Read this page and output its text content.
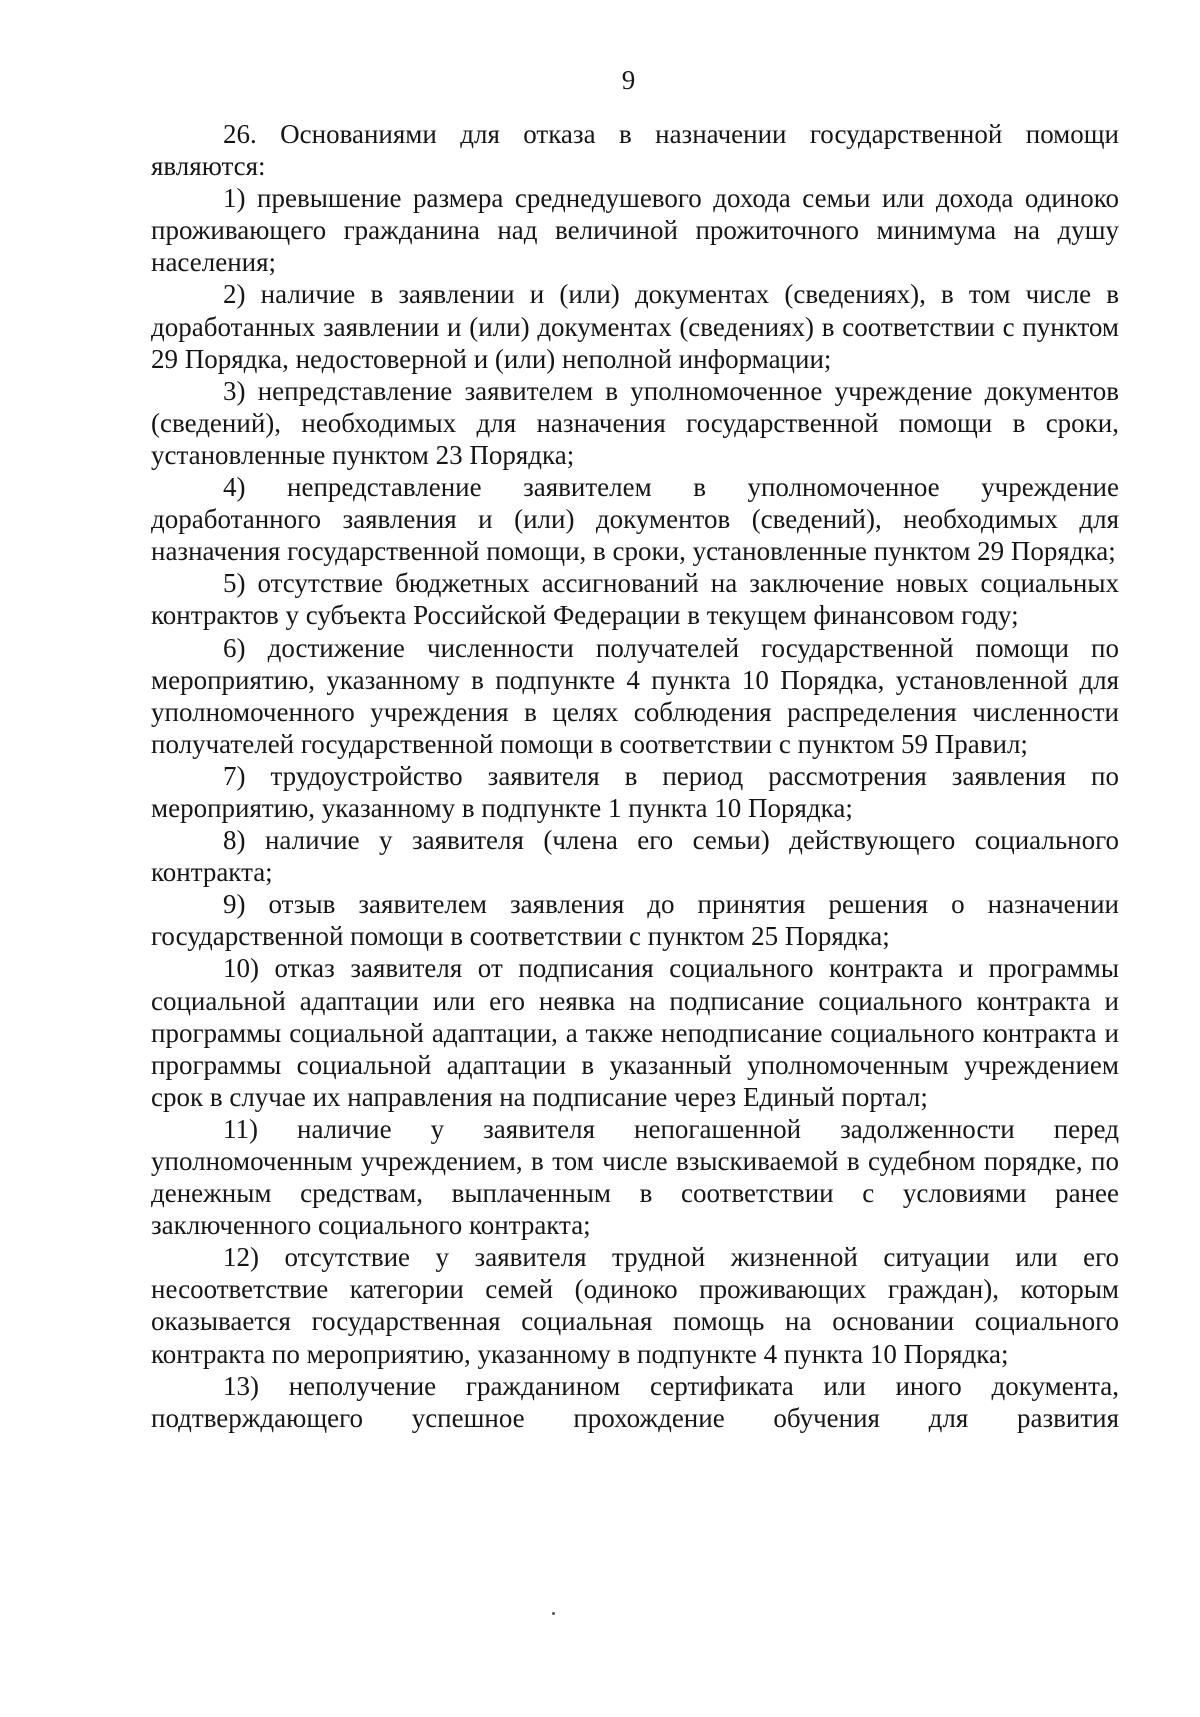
9

26. Основаниями для отказа в назначении государственной помощи являются:

1) превышение размера среднедушевого дохода семьи или дохода одиноко проживающего гражданина над величиной прожиточного минимума на душу населения;

2) наличие в заявлении и (или) документах (сведениях), в том числе в доработанных заявлении и (или) документах (сведениях) в соответствии с пунктом 29 Порядка, недостоверной и (или) неполной информации;

3) непредставление заявителем в уполномоченное учреждение документов (сведений), необходимых для назначения государственной помощи в сроки, установленные пунктом 23 Порядка;

4) непредставление заявителем в уполномоченное учреждение доработанного заявления и (или) документов (сведений), необходимых для назначения государственной помощи, в сроки, установленные пунктом 29 Порядка;

5) отсутствие бюджетных ассигнований на заключение новых социальных контрактов у субъекта Российской Федерации в текущем финансовом году;

6) достижение численности получателей государственной помощи по мероприятию, указанному в подпункте 4 пункта 10 Порядка, установленной для уполномоченного учреждения в целях соблюдения распределения численности получателей государственной помощи в соответствии с пунктом 59 Правил;

7) трудоустройство заявителя в период рассмотрения заявления по мероприятию, указанному в подпункте 1 пункта 10 Порядка;

8) наличие у заявителя (члена его семьи) действующего социального контракта;

9) отзыв заявителем заявления до принятия решения о назначении государственной помощи в соответствии с пунктом 25 Порядка;

10) отказ заявителя от подписания социального контракта и программы социальной адаптации или его неявка на подписание социального контракта и программы социальной адаптации, а также неподписание социального контракта и программы социальной адаптации в указанный уполномоченным учреждением срок в случае их направления на подписание через Единый портал;

11) наличие у заявителя непогашенной задолженности перед уполномоченным учреждением, в том числе взыскиваемой в судебном порядке, по денежным средствам, выплаченным в соответствии с условиями ранее заключенного социального контракта;

12) отсутствие у заявителя трудной жизненной ситуации или его несоответствие категории семей (одиноко проживающих граждан), которым оказывается государственная социальная помощь на основании социального контракта по мероприятию, указанному в подпункте 4 пункта 10 Порядка;

13) неполучение гражданином сертификата или иного документа, подтверждающего успешное прохождение обучения для развития
